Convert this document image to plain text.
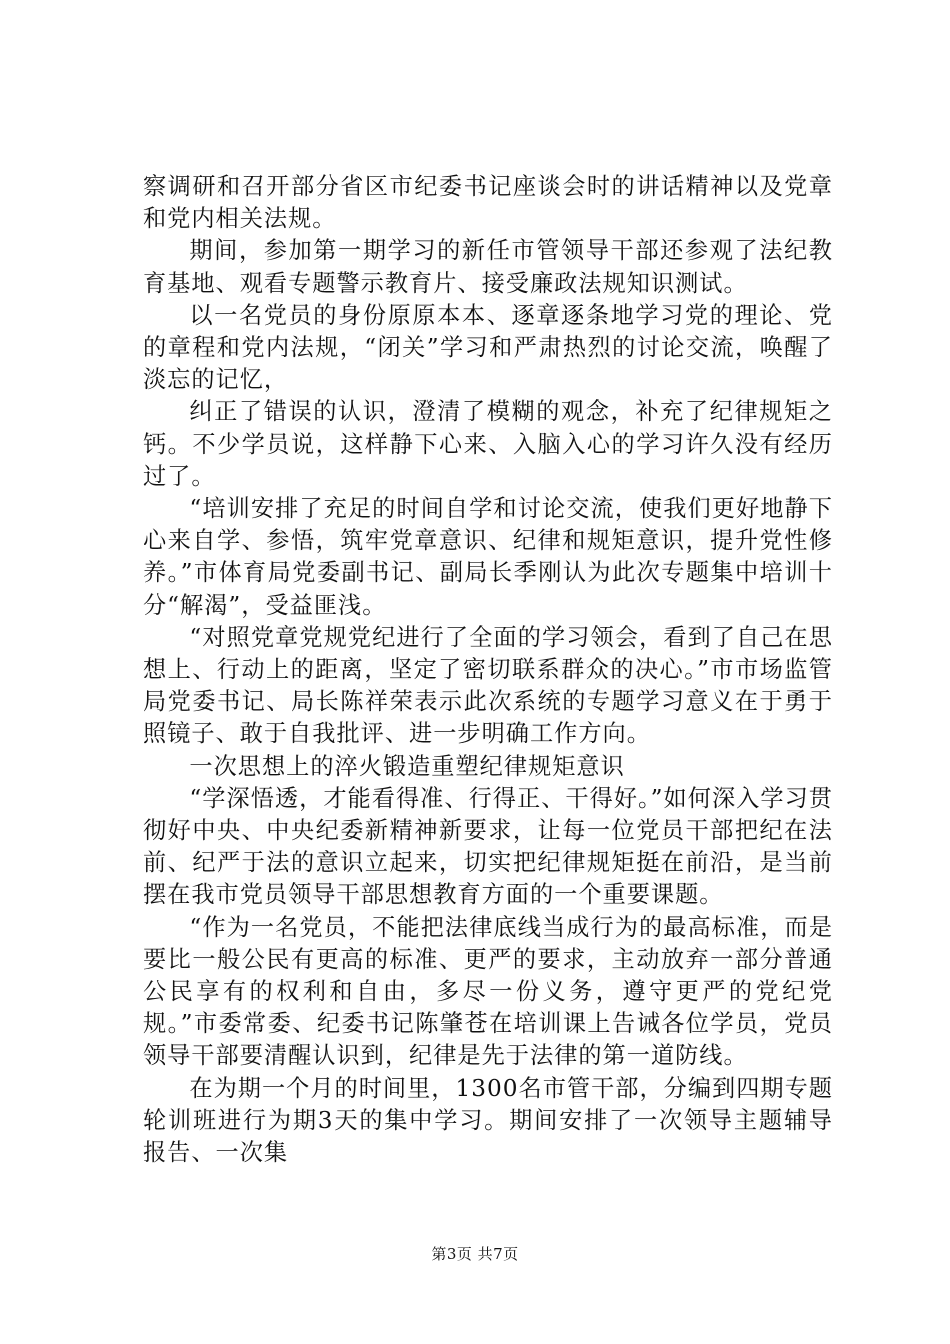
察调研和召开部分省区市纪委书记座谈会时的讲话精神以及党章和党内相关法规。

期间，参加第一期学习的新任市管领导干部还参观了法纪教育基地、观看专题警示教育片、接受廉政法规知识测试。

以一名党员的身份原原本本、逐章逐条地学习党的理论、党的章程和党内法规，“闭关”学习和严肃热烈的讨论交流，唤醒了淡忘的记忆，

纠正了错误的认识，澄清了模糊的观念，补充了纪律规矩之钙。不少学员说，这样静下心来、入脑入心的学习许久没有经历过了。

“培训安排了充足的时间自学和讨论交流，使我们更好地静下心来自学、参悟，筑牢党章意识、纪律和规矩意识，提升党性修养。”市体育局党委副书记、副局长季刚认为此次专题集中培训十分“解渴”，受益匪浅。

“对照党章党规党纪进行了全面的学习领会，看到了自己在思想上、行动上的距离，坚定了密切联系群众的决心。”市市场监管局党委书记、局长陈祥荣表示此次系统的专题学习意义在于勇于照镜子、敢于自我批评、进一步明确工作方向。

一次思想上的淬火锻造重塑纪律规矩意识

“学深悟透，才能看得准、行得正、干得好。”如何深入学习贯彻好中央、中央纪委新精神新要求，让每一位党员干部把纪在法前、纪严于法的意识立起来，切实把纪律规矩挺在前沿，是当前摆在我市党员领导干部思想教育方面的一个重要课题。

“作为一名党员，不能把法律底线当成行为的最高标准，而是要比一般公民有更高的标准、更严的要求，主动放弃一部分普通公民享有的权利和自由，多尽一份义务，遵守更严的党纪党规。”市委常委、纪委书记陈肇苍在培训课上告诫各位学员，党员领导干部要清醒认识到，纪律是先于法律的第一道防线。

在为期一个月的时间里，1300名市管干部，分编到四期专题轮训班进行为期3天的集中学习。期间安排了一次领导主题辅导报告、一次集

第3页 共7页
